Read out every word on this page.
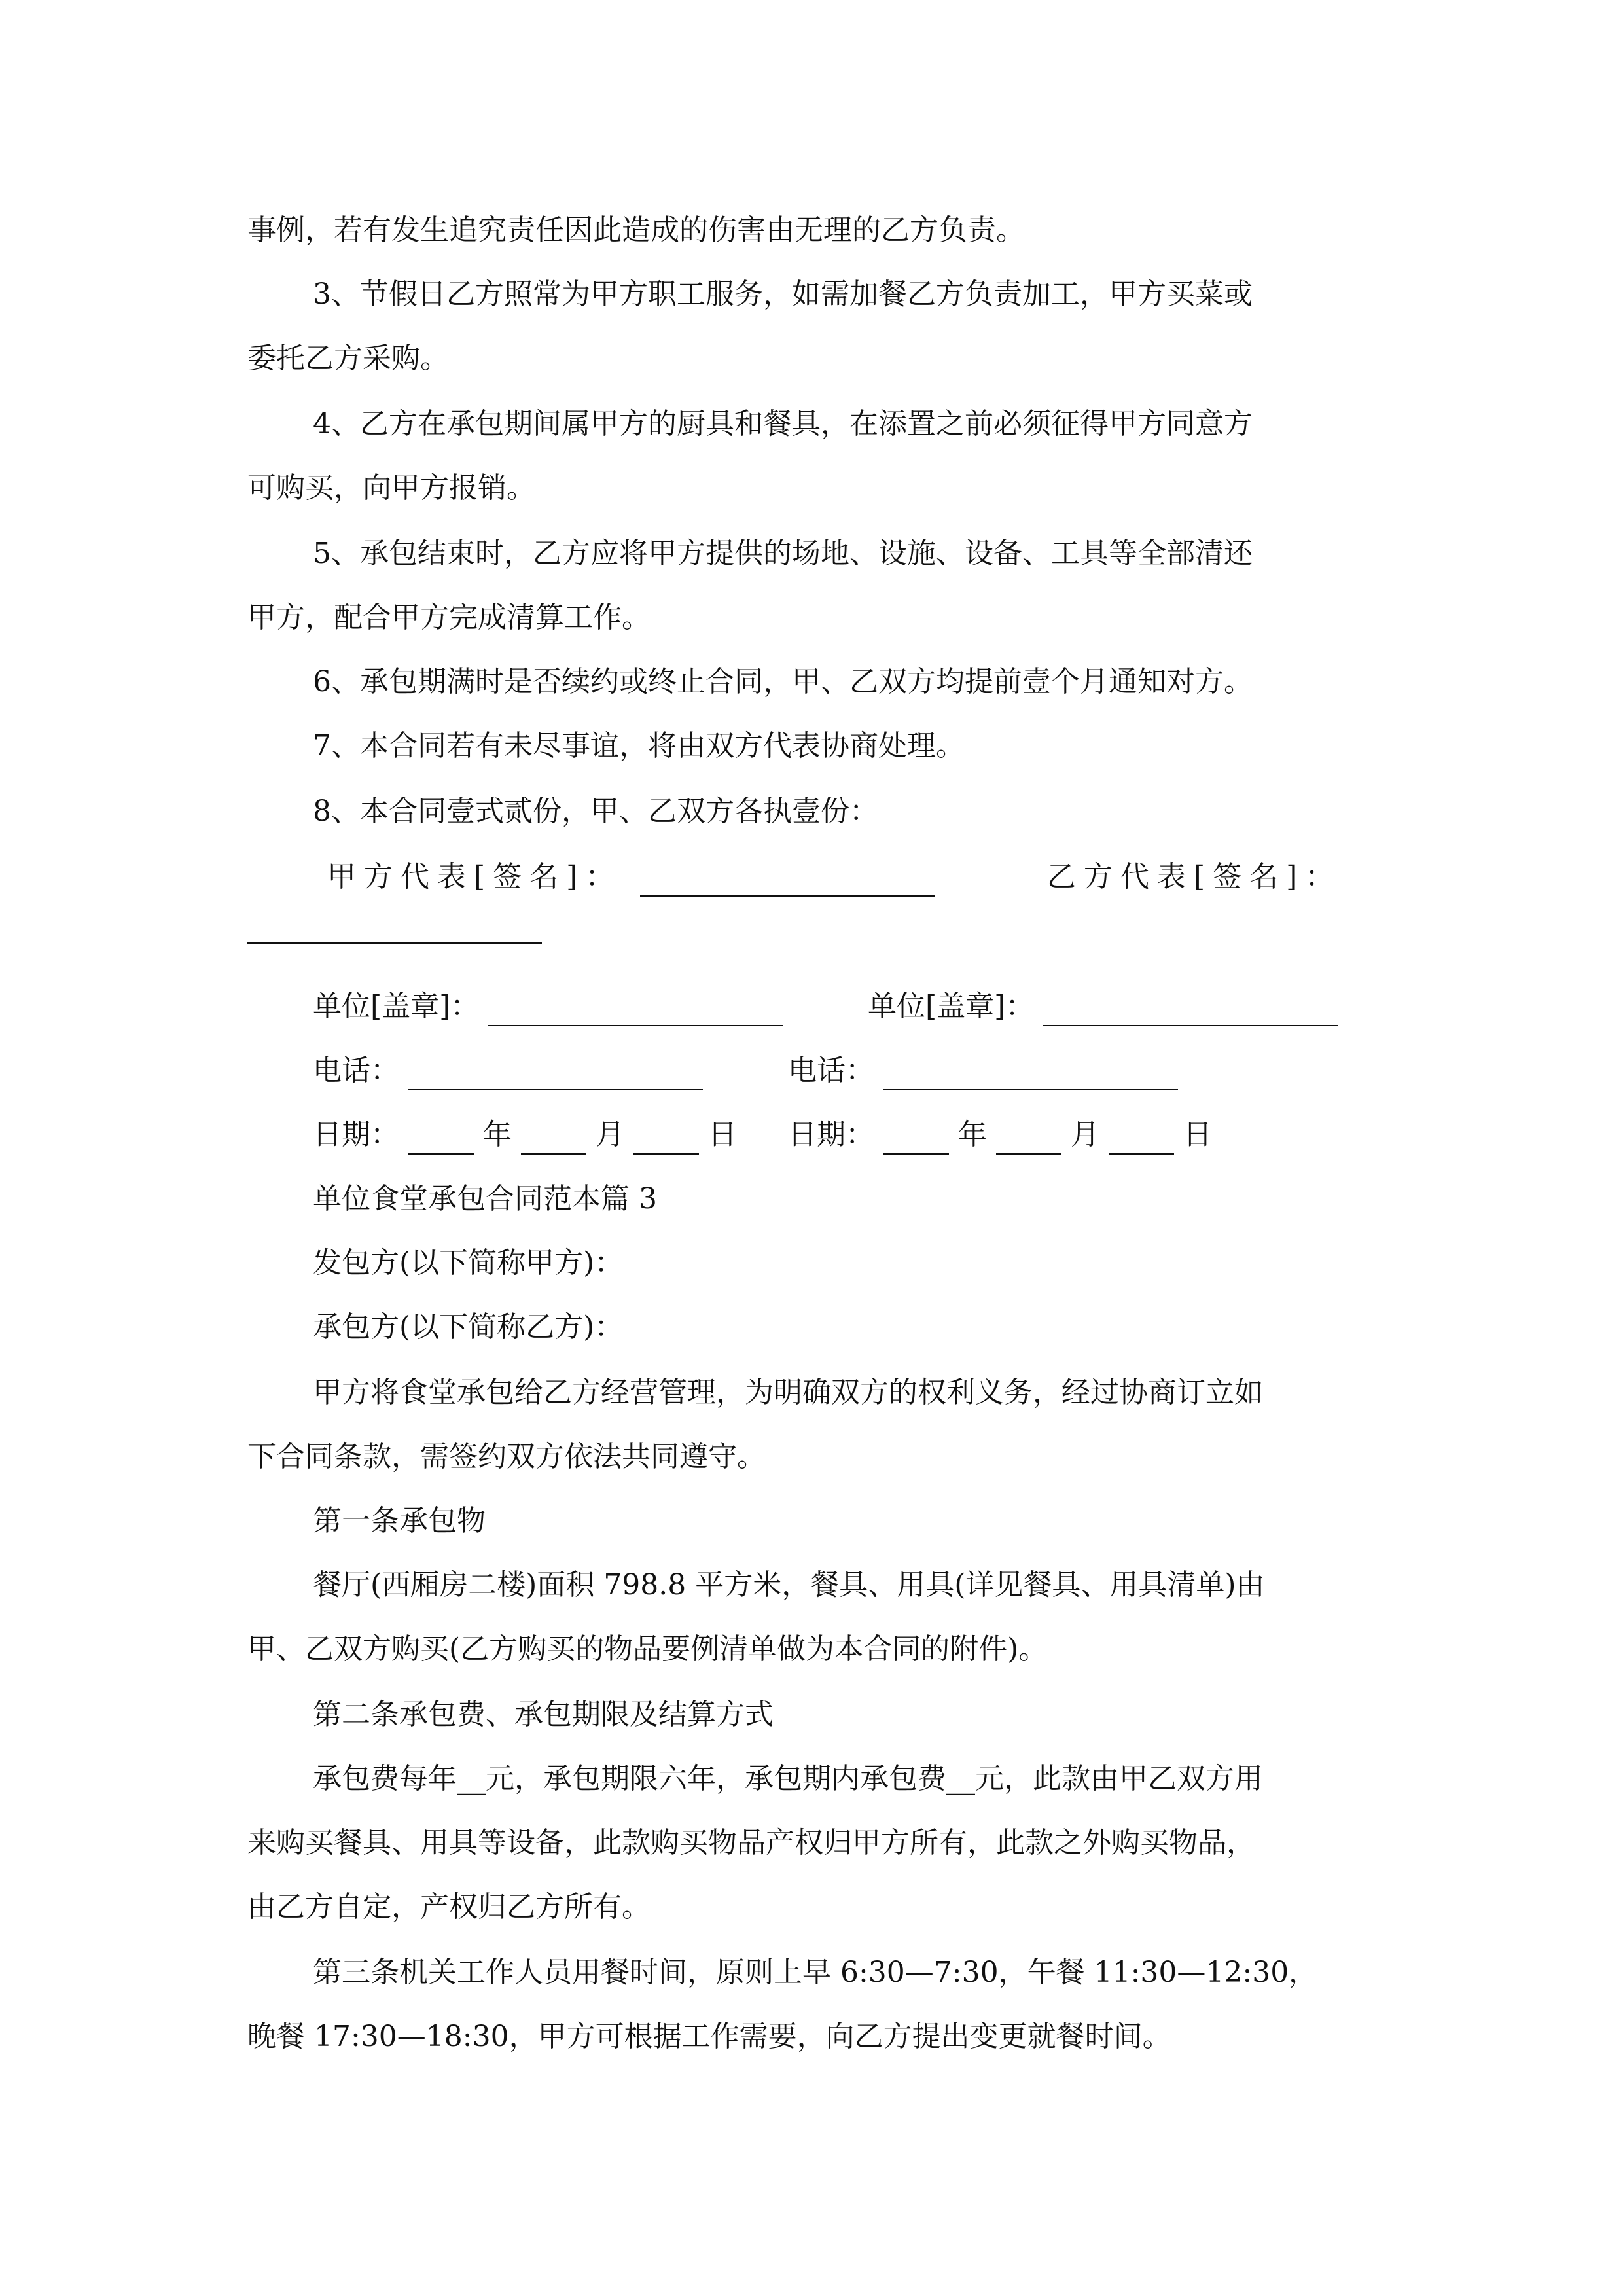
事例，若有发生追究责任因此造成的伤害由无理的乙方负责。
3、节假日乙方照常为甲方职工服务，如需加餐乙方负责加工，甲方买菜或
委托乙方采购。
4、乙方在承包期间属甲方的厨具和餐具，在添置之前必须征得甲方同意方
可购买，向甲方报销。
5、承包结束时，乙方应将甲方提供的场地、设施、设备、工具等全部清还
甲方，配合甲方完成清算工作。
6、承包期满时是否续约或终止合同，甲、乙双方均提前壹个月通知对方。
7、本合同若有未尽事谊，将由双方代表协商处理。
8、本合同壹式贰份，甲、乙双方各执壹份：
甲方代表[签名]：	乙方代表[签名]：
单位[盖章]：	单位[盖章]：
电话：	电话：
日期：	年	月	日 日期：	年	月	日
单位食堂承包合同范本篇 3
发包方(以下简称甲方)：
承包方(以下简称乙方)：
甲方将食堂承包给乙方经营管理，为明确双方的权利义务，经过协商订立如
下合同条款，需签约双方依法共同遵守。
第一条承包物
餐厅(西厢房二楼)面积 798.8 平方米，餐具、用具(详见餐具、用具清单)由
甲、乙双方购买(乙方购买的物品要例清单做为本合同的附件)。
第二条承包费、承包期限及结算方式
承包费每年__元，承包期限六年，承包期内承包费__元，此款由甲乙双方用
来购买餐具、用具等设备，此款购买物品产权归甲方所有，此款之外购买物品，
由乙方自定，产权归乙方所有。
第三条机关工作人员用餐时间，原则上早 6:30—7:30，午餐 11:30—12:30，
晚餐 17:30—18:30，甲方可根据工作需要，向乙方提出变更就餐时间。
